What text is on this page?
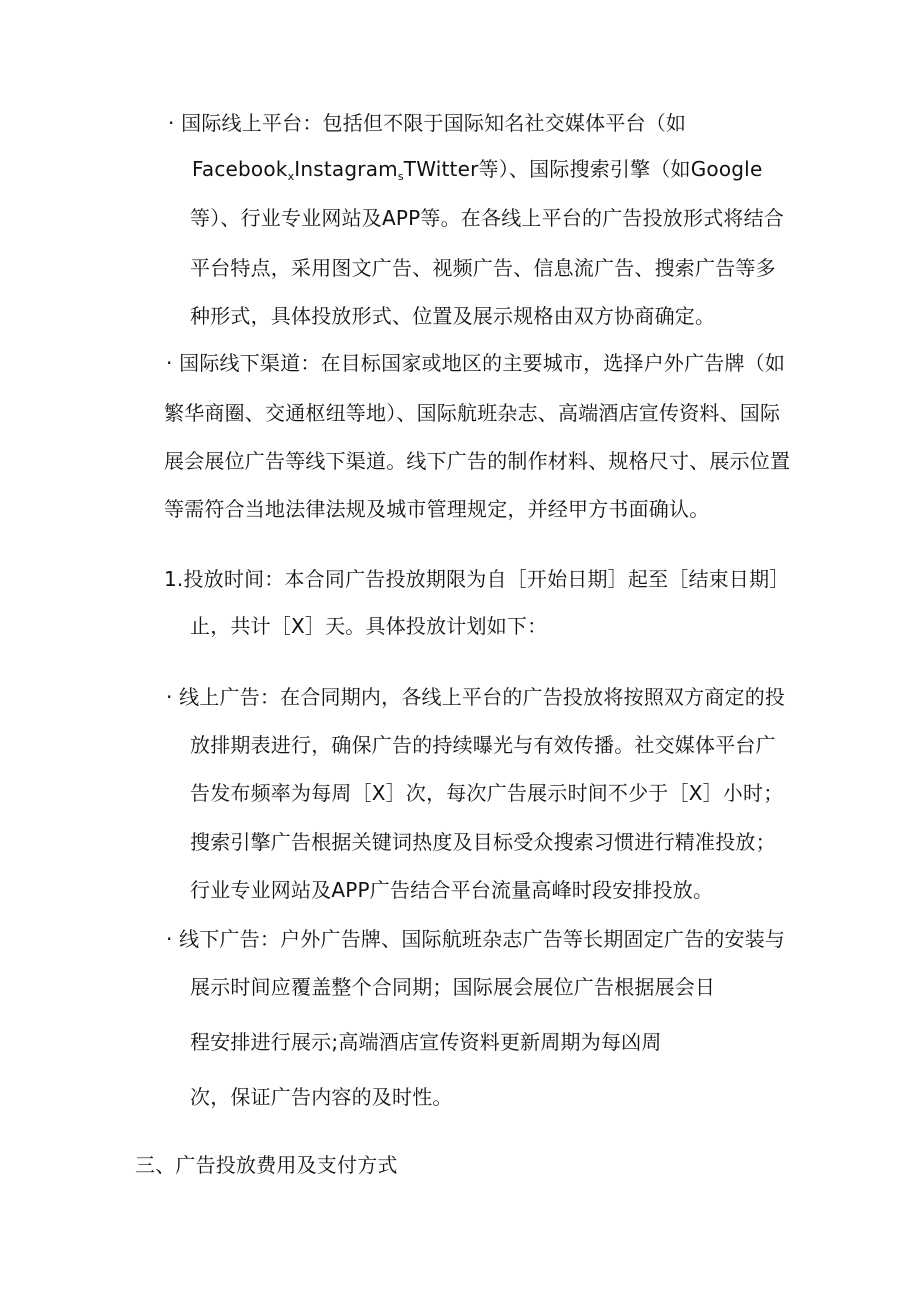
· 国际线上平台：包括但不限于国际知名社交媒体平台（如
Facebook$_x$Instagram$_s$TWitter等）、国际搜索引擎（如Google
等）、行业专业网站及APP等。在各线上平台的广告投放形式将结合
平台特点，采用图文广告、视频广告、信息流广告、搜索广告等多
种形式，具体投放形式、位置及展示规格由双方协商确定。
· 国际线下渠道：在目标国家或地区的主要城市，选择户外广告牌（如
繁华商圈、交通枢纽等地）、国际航班杂志、高端酒店宣传资料、国际
展会展位广告等线下渠道。线下广告的制作材料、规格尺寸、展示位置
等需符合当地法律法规及城市管理规定，并经甲方书面确认。
1.投放时间：本合同广告投放期限为自［开始日期］起至［结束日期］
止，共计［X］天。具体投放计划如下：
· 线上广告：在合同期内，各线上平台的广告投放将按照双方商定的投
放排期表进行，确保广告的持续曝光与有效传播。社交媒体平台广
告发布频率为每周［X］次，每次广告展示时间不少于［X］小时；
搜索引擎广告根据关键词热度及目标受众搜索习惯进行精准投放；
行业专业网站及APP广告结合平台流量高峰时段安排投放。
· 线下广告：户外广告牌、国际航班杂志广告等长期固定广告的安装与
展示时间应覆盖整个合同期；国际展会展位广告根据展会日
程安排进行展示;高端酒店宣传资料更新周期为每凶周
次，保证广告内容的及时性。
三、广告投放费用及支付方式
